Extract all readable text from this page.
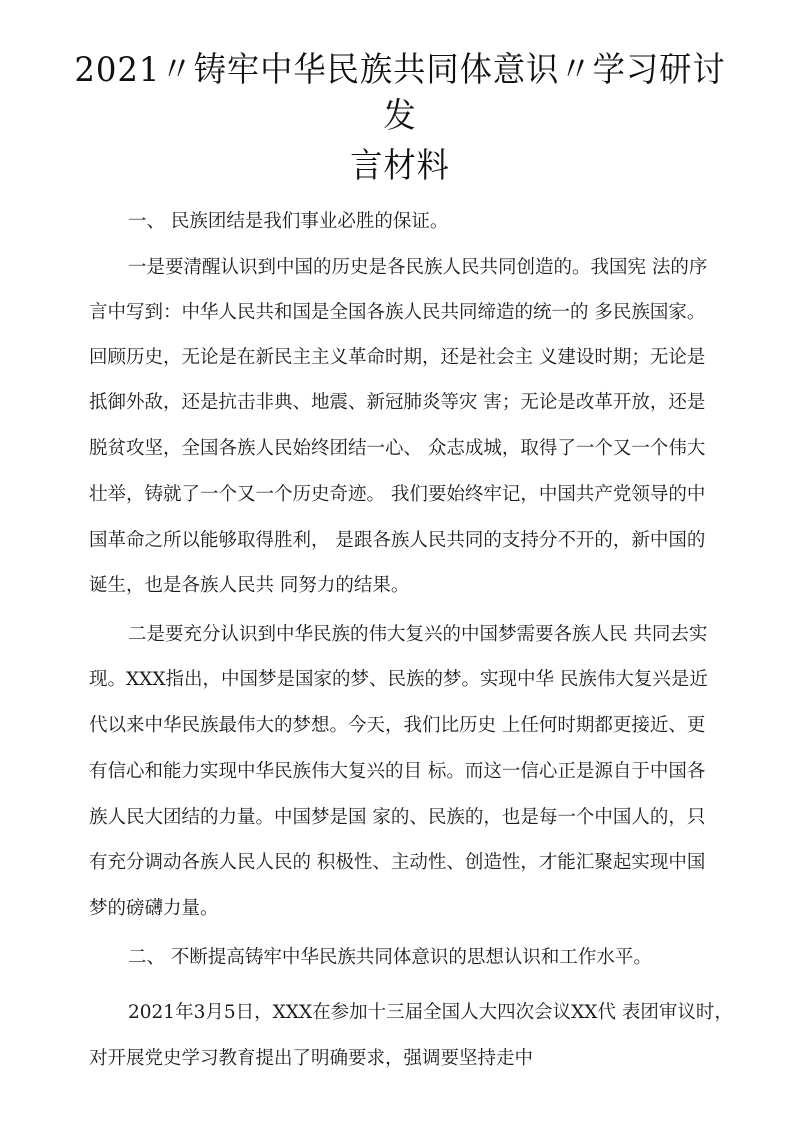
2021〃铸牢中华民族共同体意识〃学习研讨
发
言材料
一、 民族团结是我们事业必胜的保证。
一是要清醒认识到中国的历史是各民族人民共同创造的。我国宪 法的序
言中写到：中华人民共和国是全国各族人民共同缔造的统一的 多民族国家。
回顾历史，无论是在新民主主义革命时期，还是社会主 义建设时期；无论是
抵御外敌，还是抗击非典、地震、新冠肺炎等灾 害；无论是改革开放，还是
脱贫攻坚，全国各族人民始终团结一心、 众志成城，取得了一个又一个伟大
壮举，铸就了一个又一个历史奇迹。 我们要始终牢记，中国共产党领导的中
国革命之所以能够取得胜利， 是跟各族人民共同的支持分不开的，新中国的
诞生，也是各族人民共 同努力的结果。
二是要充分认识到中华民族的伟大复兴的中国梦需要各族人民 共同去实
现。XXX指出，中国梦是国家的梦、民族的梦。实现中华 民族伟大复兴是近
代以来中华民族最伟大的梦想。今天，我们比历史 上任何时期都更接近、更
有信心和能力实现中华民族伟大复兴的目 标。而这一信心正是源自于中国各
族人民大团结的力量。中国梦是国 家的、民族的，也是每一个中国人的，只
有充分调动各族人民人民的 积极性、主动性、创造性，才能汇聚起实现中国
梦的磅礴力量。
二、 不断提高铸牢中华民族共同体意识的思想认识和工作水平。
2021年3月5日，XXX在参加十三届全国人大四次会议XX代 表团审议时，
对开展党史学习教育提出了明确要求，强调要坚持走中
